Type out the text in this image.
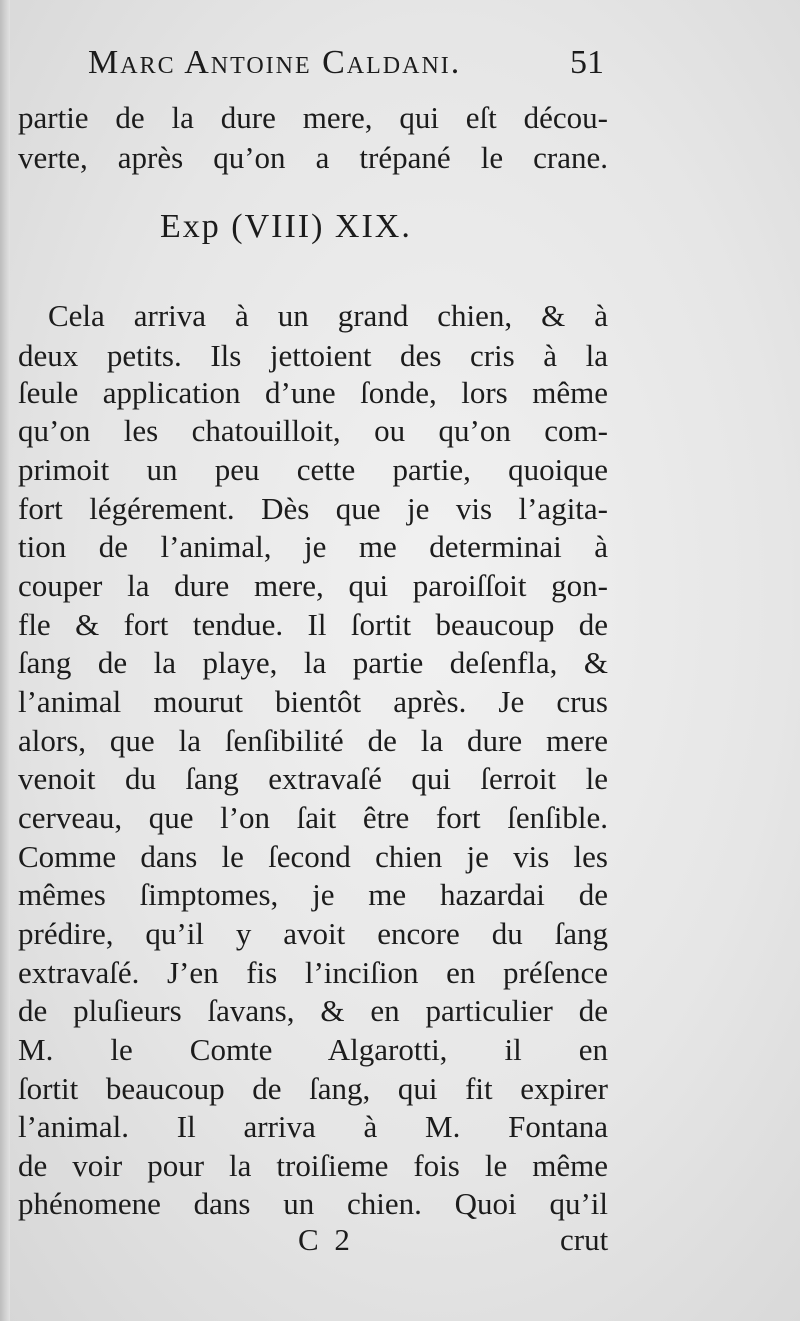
Marc Antoine Caldani.	51
partie de la dure mere, qui eſt décou-
verte, après qu’on a trépané le crane.
Exp (VIII) XIX.
Cela arriva à un grand chien, & à
deux petits. Ils jettoient des cris à la
ſeule application d’une ſonde, lors même
qu’on les chatouilloit, ou qu’on com-
primoit un peu cette partie, quoique
fort légérement. Dès que je vis l’agita-
tion de l’animal, je me determinai à
couper la dure mere, qui paroiſſoit gon-
fle & fort tendue. Il ſortit beaucoup de
ſang de la playe, la partie deſenfla, &
l’animal mourut bientôt après. Je crus
alors, que la ſenſibilité de la dure mere
venoit du ſang extravaſé qui ſerroit le
cerveau, que l’on ſait être fort ſenſible.
Comme dans le ſecond chien je vis les
mêmes ſimptomes, je me hazardai de
prédire, qu’il y avoit encore du ſang
extravaſé. J’en fis l’inciſion en préſence
de pluſieurs ſavans, & en particulier de
M. le Comte Algarotti, il en
ſortit beaucoup de ſang, qui fit expirer
l’animal. Il arriva à M. Fontana
de voir pour la troiſieme fois le même
phénomene dans un chien. Quoi qu’il
C 2	crut
